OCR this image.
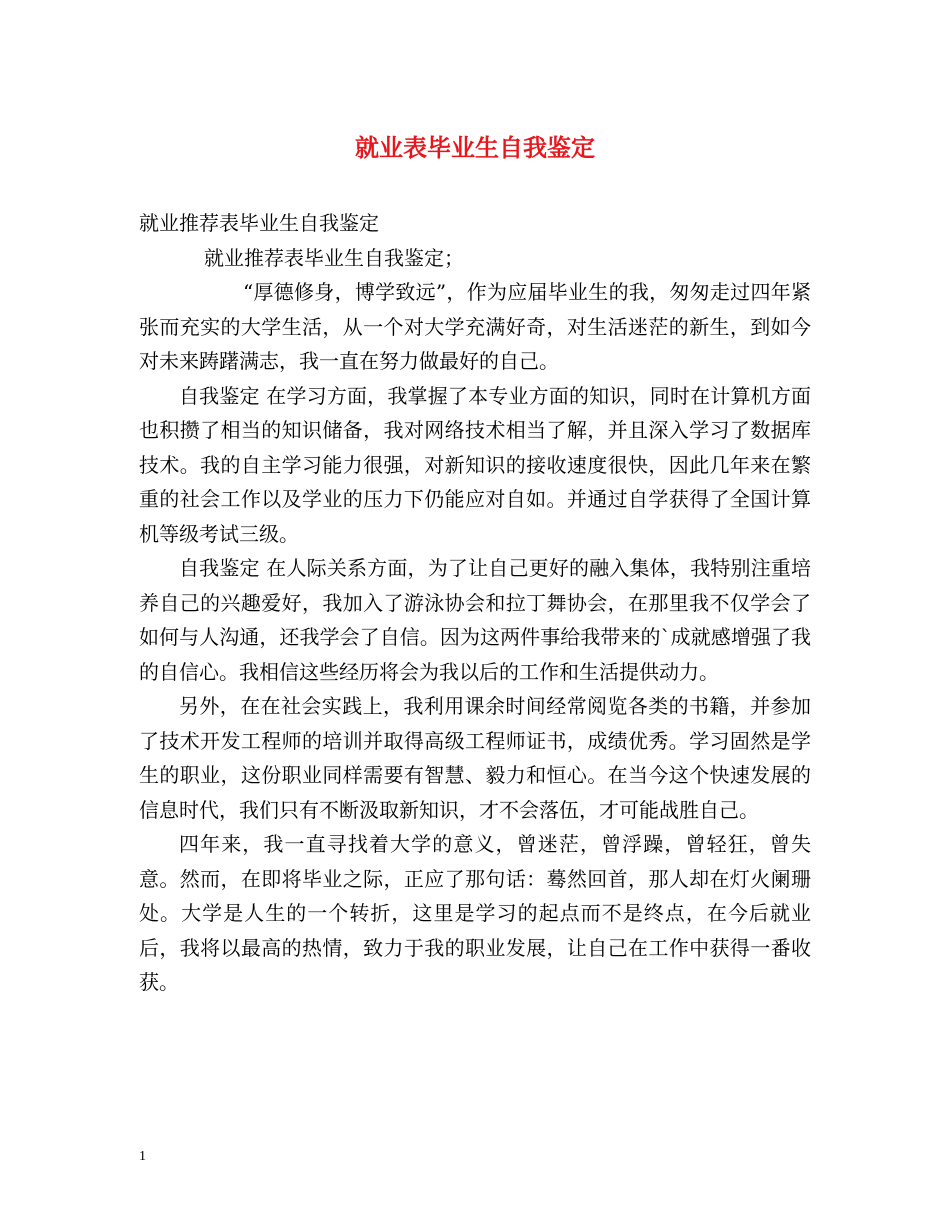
就业表毕业生自我鉴定

就业推荐表毕业生自我鉴定

就业推荐表毕业生自我鉴定；

“厚德修身，博学致远”，作为应届毕业生的我，匆匆走过四年紧张而充实的大学生活，从一个对大学充满好奇，对生活迷茫的新生，到如今对未来踌躇满志，我一直在努力做最好的自己。

自我鉴定 在学习方面，我掌握了本专业方面的知识，同时在计算机方面也积攒了相当的知识储备，我对网络技术相当了解，并且深入学习了数据库技术。我的自主学习能力很强，对新知识的接收速度很快，因此几年来在繁重的社会工作以及学业的压力下仍能应对自如。并通过自学获得了全国计算机等级考试三级。

自我鉴定 在人际关系方面，为了让自己更好的融入集体，我特别注重培养自己的兴趣爱好，我加入了游泳协会和拉丁舞协会，在那里我不仅学会了如何与人沟通，还我学会了自信。因为这两件事给我带来的`成就感增强了我的自信心。我相信这些经历将会为我以后的工作和生活提供动力。

另外，在在社会实践上，我利用课余时间经常阅览各类的书籍，并参加了技术开发工程师的培训并取得高级工程师证书，成绩优秀。学习固然是学生的职业，这份职业同样需要有智慧、毅力和恒心。在当今这个快速发展的信息时代，我们只有不断汲取新知识，才不会落伍，才可能战胜自己。

四年来，我一直寻找着大学的意义，曾迷茫，曾浮躁，曾轻狂，曾失意。然而，在即将毕业之际，正应了那句话：蓦然回首，那人却在灯火阑珊处。大学是人生的一个转折，这里是学习的起点而不是终点，在今后就业后，我将以最高的热情，致力于我的职业发展，让自己在工作中获得一番收获。

1
